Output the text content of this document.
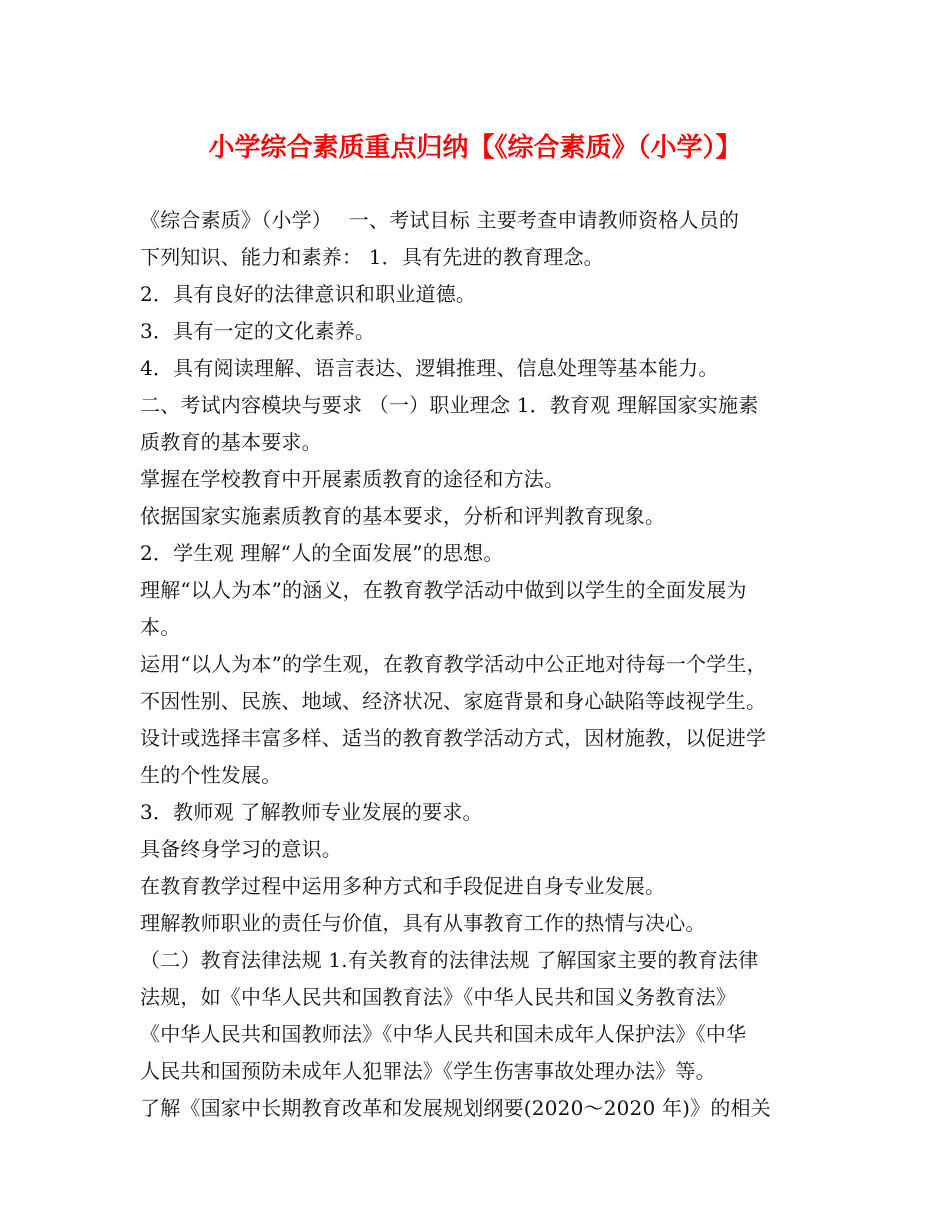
小学综合素质重点归纳【《综合素质》（小学）】
《综合素质》（小学）　 一、考试目标 主要考查申请教师资格人员的
下列知识、能力和素养： 1．具有先进的教育理念。
2．具有良好的法律意识和职业道德。
3．具有一定的文化素养。
4．具有阅读理解、语言表达、逻辑推理、信息处理等基本能力。
二、考试内容模块与要求 （一）职业理念 1．教育观 理解国家实施素
质教育的基本要求。
掌握在学校教育中开展素质教育的途径和方法。
依据国家实施素质教育的基本要求，分析和评判教育现象。
2．学生观 理解“人的全面发展”的思想。
理解“以人为本”的涵义，在教育教学活动中做到以学生的全面发展为
本。
运用“以人为本”的学生观，在教育教学活动中公正地对待每一个学生，
不因性别、民族、地域、经济状况、家庭背景和身心缺陷等歧视学生。
设计或选择丰富多样、适当的教育教学活动方式，因材施教，以促进学
生的个性发展。
3．教师观 了解教师专业发展的要求。
具备终身学习的意识。
在教育教学过程中运用多种方式和手段促进自身专业发展。
理解教师职业的责任与价值，具有从事教育工作的热情与决心。
（二）教育法律法规 1.有关教育的法律法规 了解国家主要的教育法律
法规，如《中华人民共和国教育法》《中华人民共和国义务教育法》
《中华人民共和国教师法》《中华人民共和国未成年人保护法》《中华
人民共和国预防未成年人犯罪法》《学生伤害事故处理办法》等。
了解《国家中长期教育改革和发展规划纲要(2020～2020 年)》的相关
